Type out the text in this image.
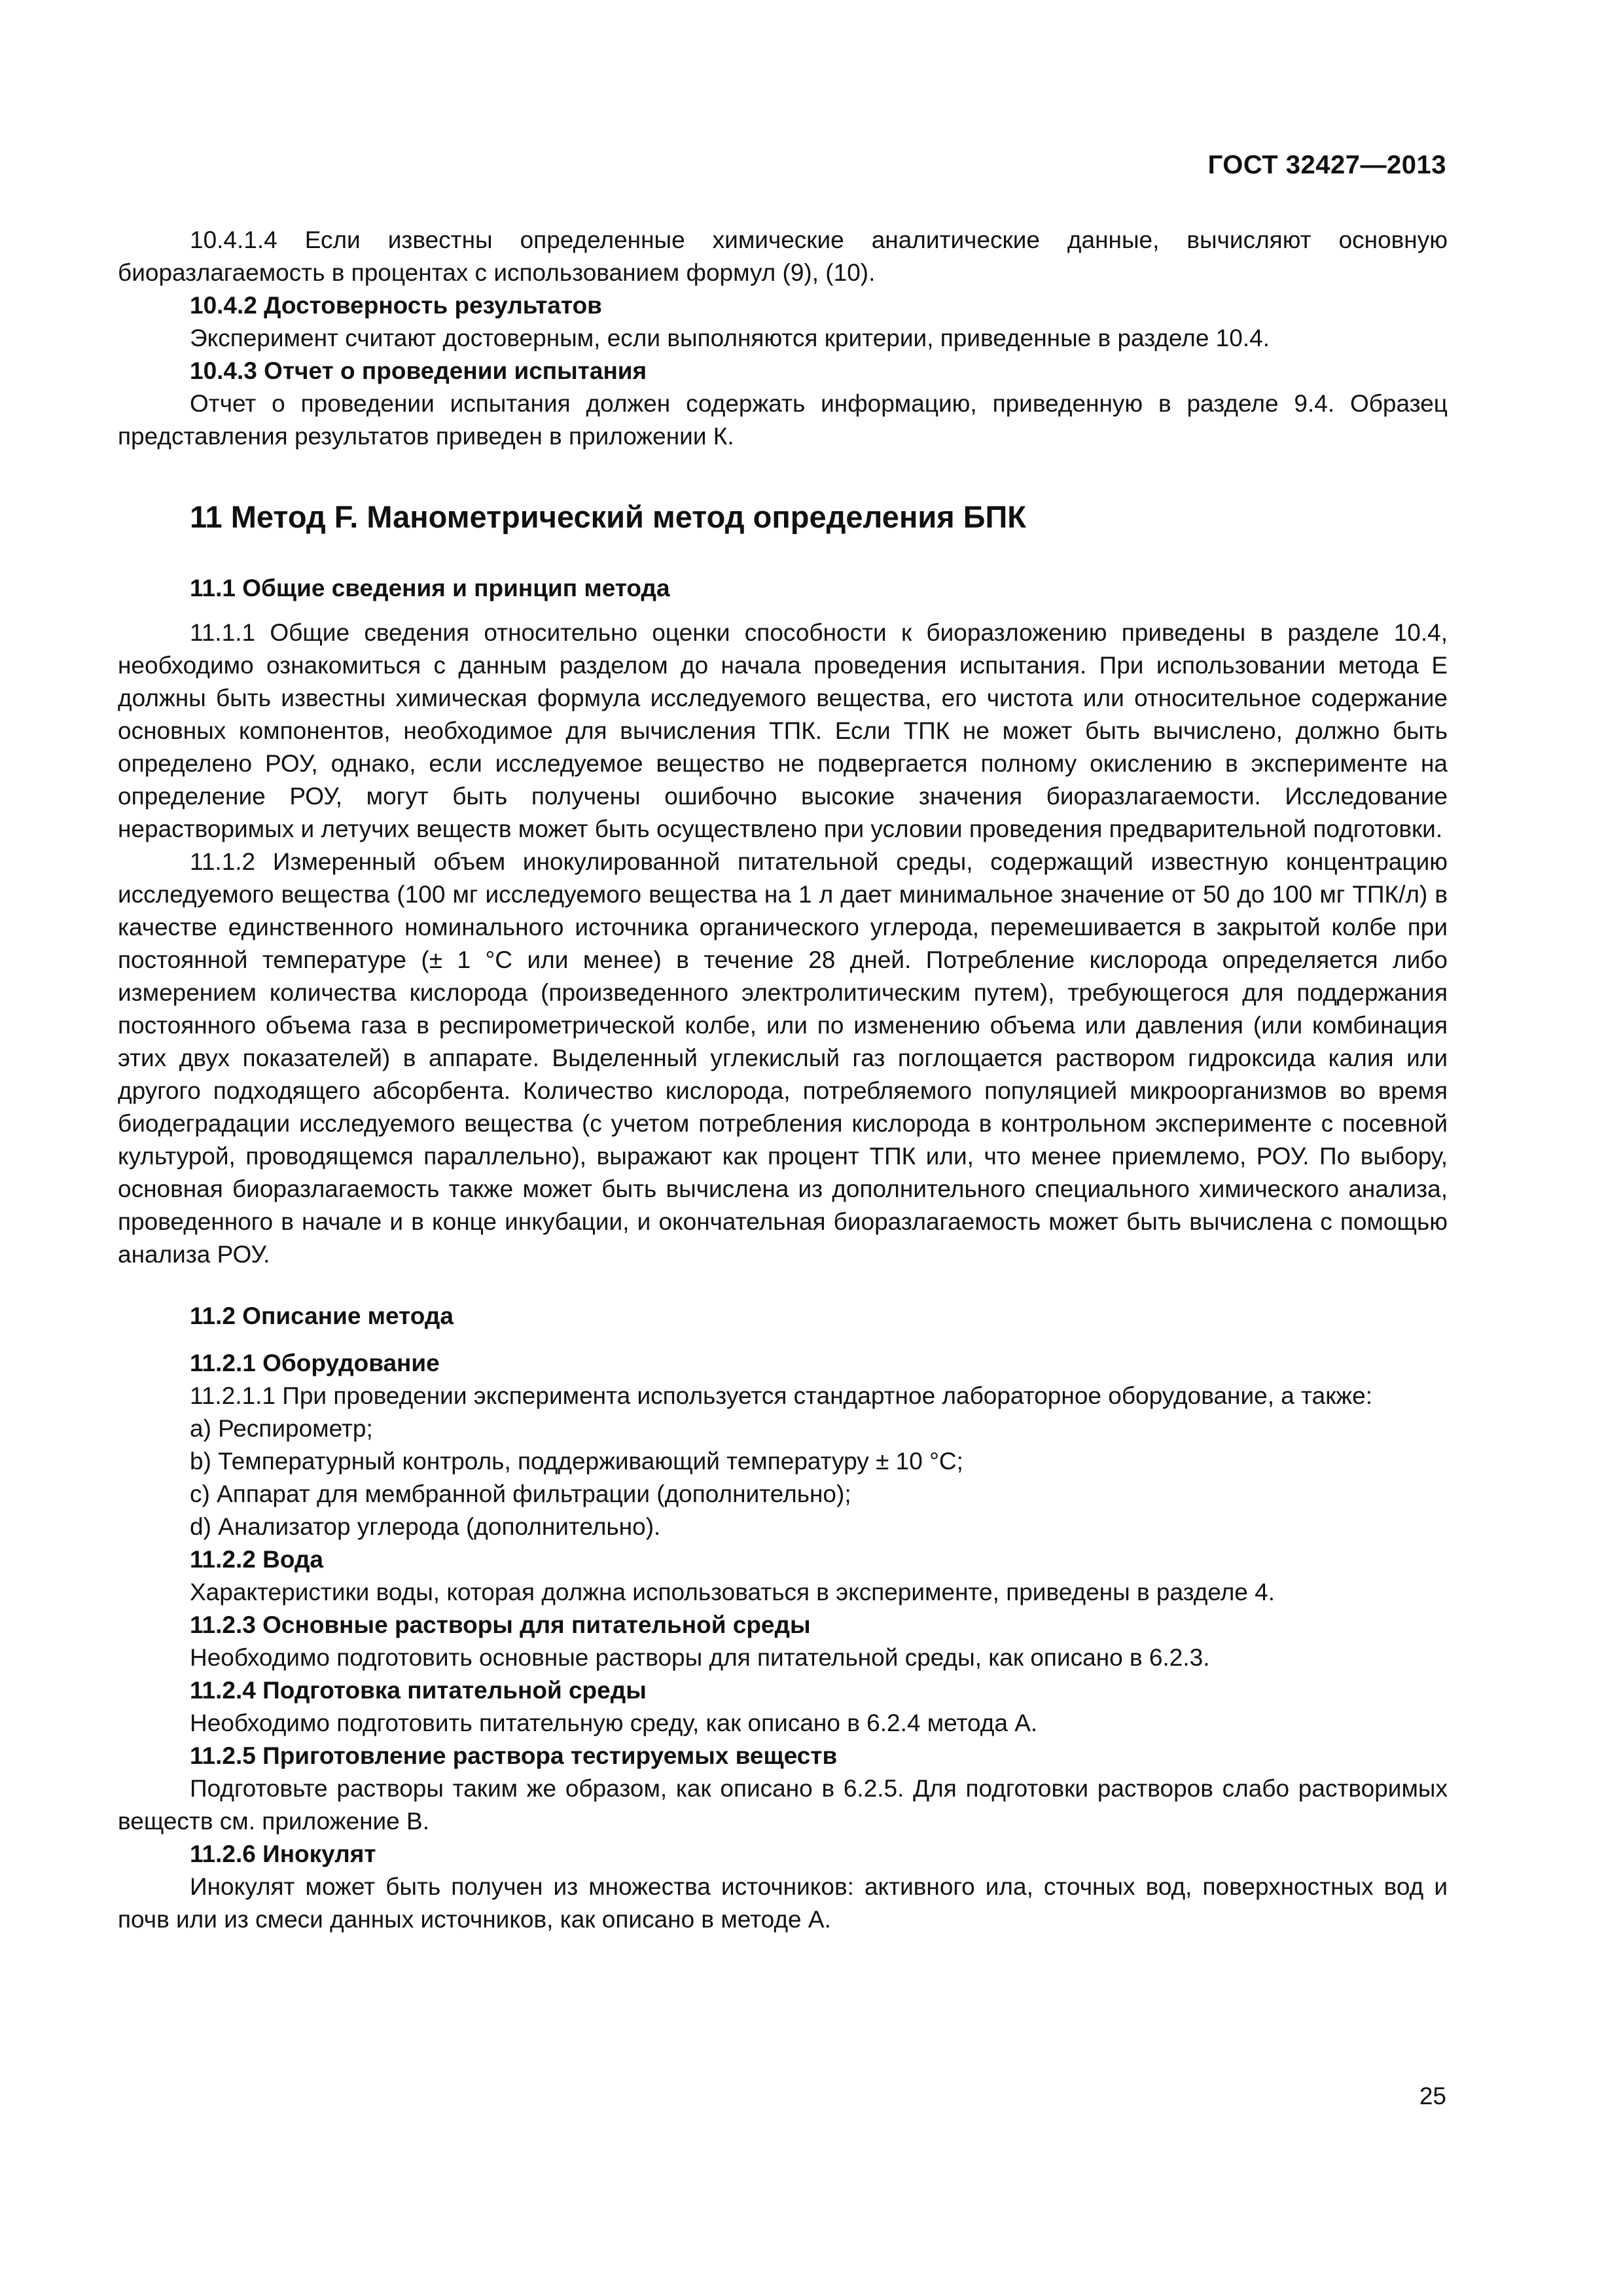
ГОСТ 32427—2013

10.4.1.4 Если известны определенные химические аналитические данные, вычисляют основную биоразлагаемость в процентах с использованием формул (9), (10).

10.4.2 Достоверность результатов

Эксперимент считают достоверным, если выполняются критерии, приведенные в разделе 10.4.

10.4.3 Отчет о проведении испытания

Отчет о проведении испытания должен содержать информацию, приведенную в разделе 9.4. Образец представления результатов приведен в приложении К.

11 Метод F. Манометрический метод определения БПК
11.1 Общие сведения и принцип метода

11.1.1 Общие сведения относительно оценки способности к биоразложению приведены в разделе 10.4, необходимо ознакомиться с данным разделом до начала проведения испытания. При использовании метода Е должны быть известны химическая формула исследуемого вещества, его чистота или относительное содержание основных компонентов, необходимое для вычисления ТПК. Если ТПК не может быть вычислено, должно быть определено РОУ, однако, если исследуемое вещество не подвергается полному окислению в эксперименте на определение РОУ, могут быть получены ошибочно высокие значения биоразлагаемости. Исследование нерастворимых и летучих веществ может быть осуществлено при условии проведения предварительной подготовки.

11.1.2 Измеренный объем инокулированной питательной среды, содержащий известную концентрацию исследуемого вещества (100 мг исследуемого вещества на 1 л дает минимальное значение от 50 до 100 мг ТПК/л) в качестве единственного номинального источника органического углерода, перемешивается в закрытой колбе при постоянной температуре (± 1 °С или менее) в течение 28 дней. Потребление кислорода определяется либо измерением количества кислорода (произведенного электролитическим путем), требующегося для поддержания постоянного объема газа в респирометрической колбе, или по изменению объема или давления (или комбинация этих двух показателей) в аппарате. Выделенный углекислый газ поглощается раствором гидроксида калия или другого подходящего абсорбента. Количество кислорода, потребляемого популяцией микроорганизмов во время биодеградации исследуемого вещества (с учетом потребления кислорода в контрольном эксперименте с посевной культурой, проводящемся параллельно), выражают как процент ТПК или, что менее приемлемо, РОУ. По выбору, основная биоразлагаемость также может быть вычислена из дополнительного специального химического анализа, проведенного в начале и в конце инкубации, и окончательная биоразлагаемость может быть вычислена с помощью анализа РОУ.

11.2 Описание метода
11.2.1 Оборудование

11.2.1.1 При проведении эксперимента используется стандартное лабораторное оборудование, а также:

a) Респирометр;
b) Температурный контроль, поддерживающий температуру ± 10 °С;
c) Аппарат для мембранной фильтрации (дополнительно);
d) Анализатор углерода (дополнительно).
11.2.2 Вода

Характеристики воды, которая должна использоваться в эксперименте, приведены в разделе 4.

11.2.3 Основные растворы для питательной среды

Необходимо подготовить основные растворы для питательной среды, как описано в 6.2.3.

11.2.4 Подготовка питательной среды

Необходимо подготовить питательную среду, как описано в 6.2.4 метода А.

11.2.5 Приготовление раствора тестируемых веществ

Подготовьте растворы таким же образом, как описано в 6.2.5. Для подготовки растворов слабо растворимых веществ см. приложение В.

11.2.6 Инокулят

Инокулят может быть получен из множества источников: активного ила, сточных вод, поверхностных вод и почв или из смеси данных источников, как описано в методе А.

25
